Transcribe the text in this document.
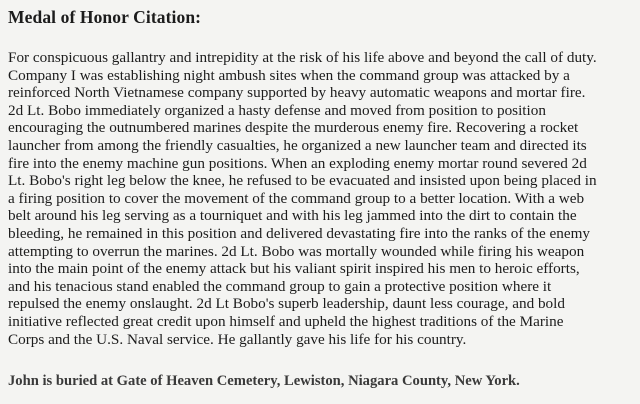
Medal of Honor Citation:
For conspicuous gallantry and intrepidity at the risk of his life above and beyond the call of duty.
Company I was establishing night ambush sites when the command group was attacked by a
reinforced North Vietnamese company supported by heavy automatic weapons and mortar fire.
2d Lt. Bobo immediately organized a hasty defense and moved from position to position
encouraging the outnumbered marines despite the murderous enemy fire. Recovering a rocket
launcher from among the friendly casualties, he organized a new launcher team and directed its
fire into the enemy machine gun positions. When an exploding enemy mortar round severed 2d
Lt. Bobo's right leg below the knee, he refused to be evacuated and insisted upon being placed in
a firing position to cover the movement of the command group to a better location. With a web
belt around his leg serving as a tourniquet and with his leg jammed into the dirt to contain the
bleeding, he remained in this position and delivered devastating fire into the ranks of the enemy
attempting to overrun the marines. 2d Lt. Bobo was mortally wounded while firing his weapon
into the main point of the enemy attack but his valiant spirit inspired his men to heroic efforts,
and his tenacious stand enabled the command group to gain a protective position where it
repulsed the enemy onslaught. 2d Lt Bobo's superb leadership, daunt less courage, and bold
initiative reflected great credit upon himself and upheld the highest traditions of the Marine
Corps and the U.S. Naval service. He gallantly gave his life for his country.
John is buried at Gate of Heaven Cemetery, Lewiston, Niagara County, New York.
